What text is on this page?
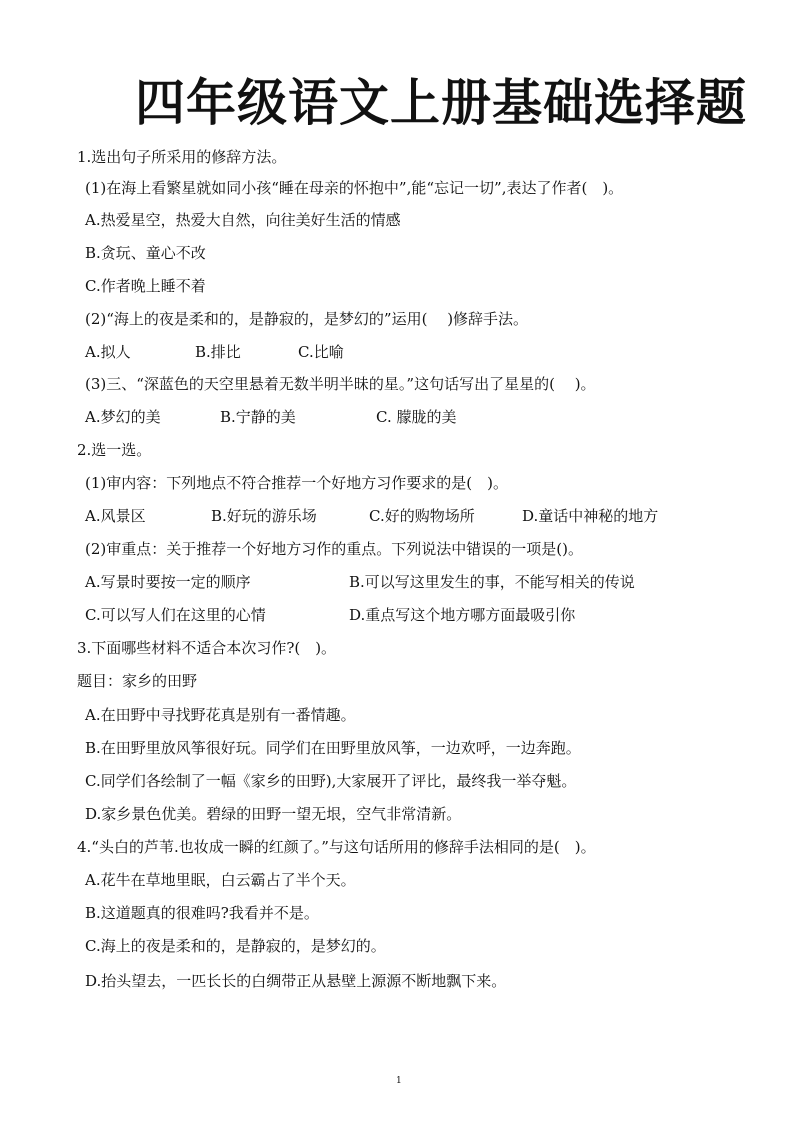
四年级语文上册基础选择题
1.选出句子所采用的修辞方法。
(1)在海上看繁星就如同小孩“睡在母亲的怀抱中”,能“忘记一切”,表达了作者(　)。
A.热爱星空，热爱大自然，向往美好生活的情感
B.贪玩、童心不改
C.作者晚上睡不着
(2)“海上的夜是柔和的，是静寂的，是梦幻的”运用(　 )修辞手法。
A.拟人	B.排比	C.比喻
(3)三、“深蓝色的天空里悬着无数半明半昧的星。”这句话写出了星星的(　 )。
A.梦幻的美	B.宁静的美	C. 朦胧的美
2.选一选。
(1)审内容：下列地点不符合推荐一个好地方习作要求的是(　)。
A.风景区	B.好玩的游乐场	C.好的购物场所	D.童话中神秘的地方
(2)审重点：关于推荐一个好地方习作的重点。下列说法中错误的一项是()。
A.写景时要按一定的顺序	B.可以写这里发生的事，不能写相关的传说
C.可以写人们在这里的心情	D.重点写这个地方哪方面最吸引你
3.下面哪些材料不适合本次习作?(　)。
题目：家乡的田野
A.在田野中寻找野花真是别有一番情趣。
B.在田野里放风筝很好玩。同学们在田野里放风筝，一边欢呼，一边奔跑。
C.同学们各绘制了一幅《家乡的田野),大家展开了评比，最终我一举夺魁。
D.家乡景色优美。碧绿的田野一望无垠，空气非常清新。
4.“头白的芦苇.也妆成一瞬的红颜了。”与这句话所用的修辞手法相同的是(　)。
A.花牛在草地里眠，白云霸占了半个天。
B.这道题真的很难吗?我看并不是。
C.海上的夜是柔和的，是静寂的，是梦幻的。
D.抬头望去，一匹长长的白绸带正从悬壁上源源不断地飘下来。
1
